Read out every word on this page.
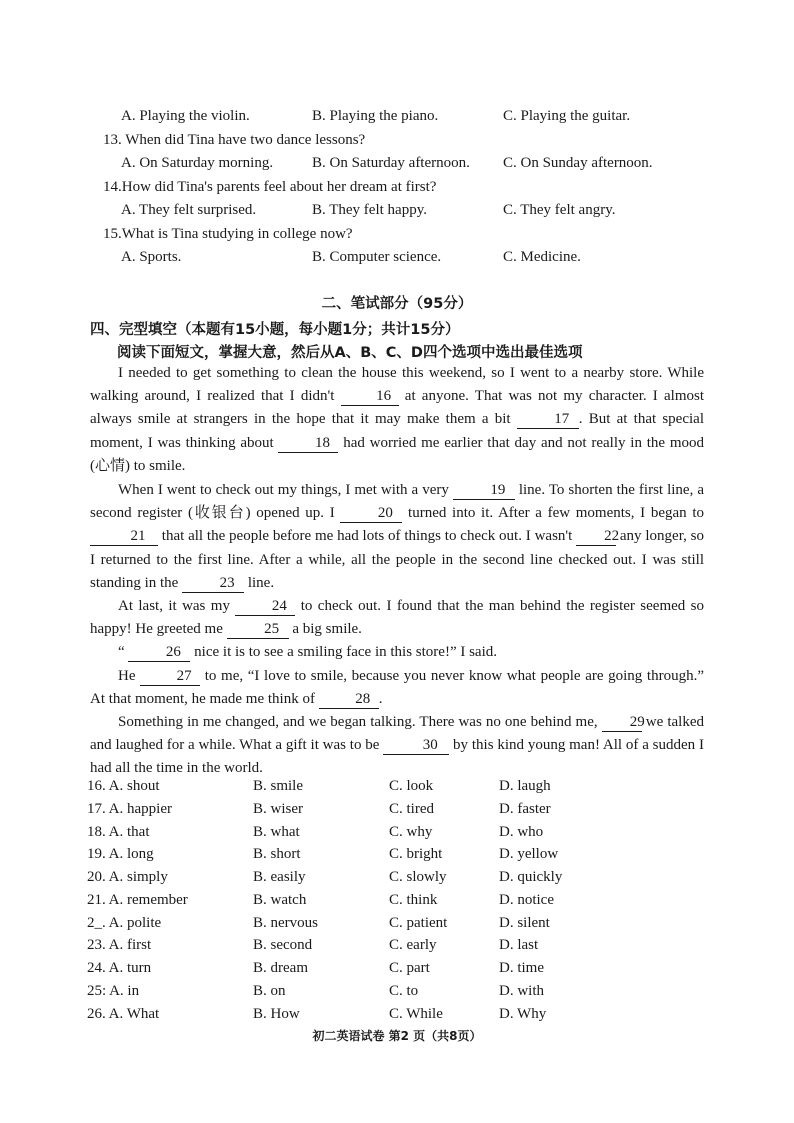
A. Playing the violin.	B. Playing the piano.	C. Playing the guitar.
13. When did Tina have two dance lessons?
A. On Saturday morning.	B. On Saturday afternoon. C. On Sunday afternoon.
14.How did Tina's parents feel about her dream at first?
A. They felt surprised.	B. They felt happy.	C. They felt angry.
15.What is Tina studying in college now?
A. Sports.	B. Computer science.	C. Medicine.
二、笔试部分（95分）
四、完型填空（本题有15小题，每小题1分；共计15分）
阅读下面短文，掌握大意，然后从A、B、C、D四个选项中选出最佳选项

I needed to get something to clean the house this weekend, so I went to a nearby store. While walking around, I realized that I didn't 16 at anyone. That was not my character. I almost always smile at strangers in the hope that it may make them a bit	17 . But at that special moment, I was thinking about 18 had worried me earlier that day and not really in the mood (心情) to smile.

When I went to check out my things, I met with a very	19 line. To shorten the first line, a second register (收银台) opened up. I	20 turned into it. After a few moments, I began to 21 that all the people before me had lots of things to check out. I wasn't 22 any longer, so I returned to the first line. After a while, all the people in the second line checked out. I was still standing in the	23 line.

At last, it was my 24 to check out. I found that the man behind the register seemed so happy! He greeted me	25 a big smile.

“	26 nice it is to see a smiling face in this store!” I said.

He 27 to me, “I love to smile, because you never know what people are going through.” At that moment, he made me think of 28 .

Something in me changed, and we began talking. There was no one behind me, 29 we talked and laughed for a while. What a gift it was to be	30 by this kind young man! All of a sudden I had all the time in the world.

16. A. shout	B. smile	C. look	D. laugh
17. A. happier	B. wiser	C. tired	D. faster
18. A. that	B. what	C. why	D. who
19. A. long	B. short	C. bright	D. yellow
20. A. simply	B. easily	C. slowly	D. quickly
21. A. remember	B. watch	C. think	D. notice
2_. A. polite	B. nervous	C. patient	D. silent
23. A. first	B. second	C. early	D. last
24. A. turn	B. dream	C. part	D. time
25: A. in	B. on	C. to	D. with
26. A. What	B. How	C. While	D. Why
初二英语试卷 第2 页（共8页）
